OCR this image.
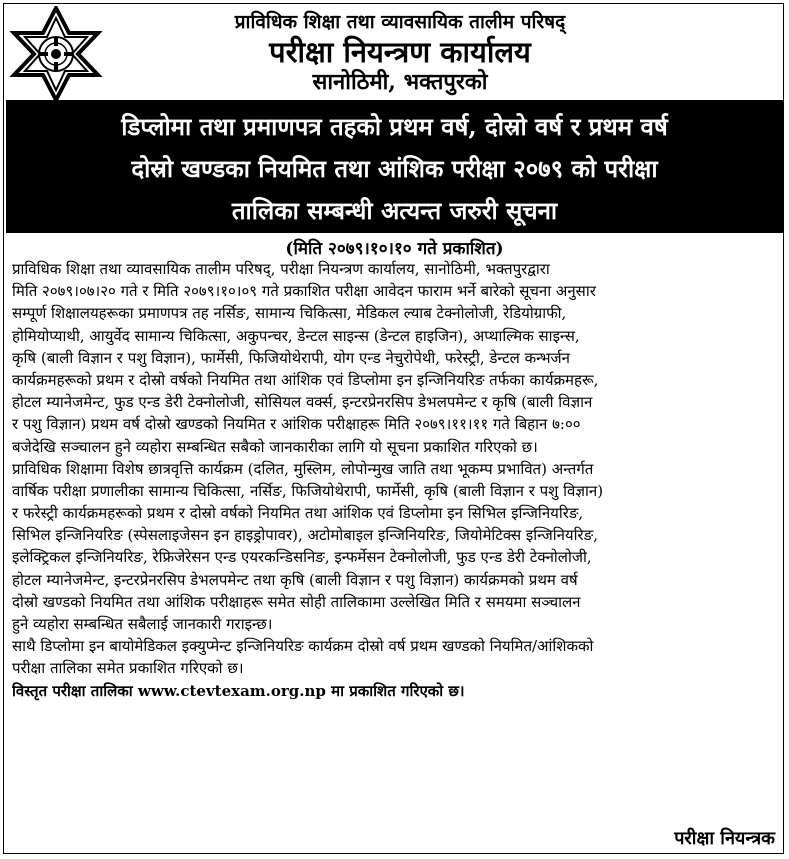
प्राविधिक शिक्षा तथा व्यावसायिक तालीम परिषद्
परीक्षा नियन्त्रण कार्यालय
सानोठिमी, भक्तपुरको
डिप्लोमा तथा प्रमाणपत्र तहको प्रथम वर्ष, दोस्रो वर्ष र प्रथम वर्ष
दोस्रो खण्डका नियमित तथा आंशिक परीक्षा २०७९ को परीक्षा
तालिका सम्बन्धी अत्यन्त जरुरी सूचना
(मिति २०७९।१०।१० गते प्रकाशित)
प्राविधिक शिक्षा तथा व्यावसायिक तालीम परिषद्, परीक्षा नियन्त्रण कार्यालय, सानोठिमी, भक्तपुरद्वारा
मिति २०७९।०७।२० गते र मिति २०७९।१०।०९ गते प्रकाशित परीक्षा आवेदन फाराम भर्ने बारेको सूचना अनुसार
सम्पूर्ण शिक्षालयहरूका प्रमाणपत्र तह नर्सिङ, सामान्य चिकित्सा, मेडिकल ल्याब टेक्नोलोजी, रेडियोग्राफी,
होमियोप्याथी, आयुर्वेद सामान्य चिकित्सा, अकुपन्चर, डेन्टल साइन्स (डेन्टल हाइजिन), अप्थाल्मिक साइन्स,
कृषि (बाली विज्ञान र पशु विज्ञान), फार्मेसी, फिजियोथेरापी, योग एन्ड नेचुरोपेथी, फरेस्ट्री, डेन्टल कन्भर्जन
कार्यक्रमहरूको प्रथम र दोस्रो वर्षको नियमित तथा आंशिक एवं डिप्लोमा इन इन्जिनियरिङ तर्फका कार्यक्रमहरू,
होटल म्यानेजमेन्ट, फुड एन्ड डेरी टेक्नोलोजी, सोसियल वर्क्स, इन्टरप्रेनरसिप डेभलपमेन्ट र कृषि (बाली विज्ञान
र पशु विज्ञान) प्रथम वर्ष दोस्रो खण्डको नियमित र आंशिक परीक्षाहरू मिति २०७९।११।११ गते बिहान ७:००
बजेदेखि सञ्चालन हुने व्यहोरा सम्बन्धित सबैको जानकारीका लागि यो सूचना प्रकाशित गरिएको छ।
प्राविधिक शिक्षामा विशेष छात्रवृत्ति कार्यक्रम (दलित, मुस्लिम, लोपोन्मुख जाति तथा भूकम्प प्रभावित) अन्तर्गत
वार्षिक परीक्षा प्रणालीका सामान्य चिकित्सा, नर्सिङ, फिजियोथेरापी, फार्मेसी, कृषि (बाली विज्ञान र पशु विज्ञान)
र फरेस्ट्री कार्यक्रमहरूको प्रथम र दोस्रो वर्षको नियमित तथा आंशिक एवं डिप्लोमा इन सिभिल इन्जिनियरिङ,
सिभिल इन्जिनियरिङ (स्पेसलाइजेसन इन हाइड्रोपावर), अटोमोबाइल इन्जिनियरिङ, जियोमेटिक्स इन्जिनियरिङ,
इलेक्ट्रिकल इन्जिनियरिङ, रेफ्रिजेरेसन एन्ड एयरकन्डिसनिङ, इन्फर्मेसन टेक्नोलोजी, फुड एन्ड डेरी टेक्नोलोजी,
होटल म्यानेजमेन्ट, इन्टरप्रेनरसिप डेभलपमेन्ट तथा कृषि (बाली विज्ञान र पशु विज्ञान) कार्यक्रमको प्रथम वर्ष
दोस्रो खण्डको नियमित तथा आंशिक परीक्षाहरू समेत सोही तालिकामा उल्लेखित मिति र समयमा सञ्चालन
हुने व्यहोरा सम्बन्धित सबैलाई जानकारी गराइन्छ।
साथै डिप्लोमा इन बायोमेडिकल इक्युप्मेन्ट इन्जिनियरिङ कार्यक्रम दोस्रो वर्ष प्रथम खण्डको नियमित/आंशिकको
परीक्षा तालिका समेत प्रकाशित गरिएको छ।
विस्तृत परीक्षा तालिका www.ctevtexam.org.np मा प्रकाशित गरिएको छ।
परीक्षा नियन्त्रक
